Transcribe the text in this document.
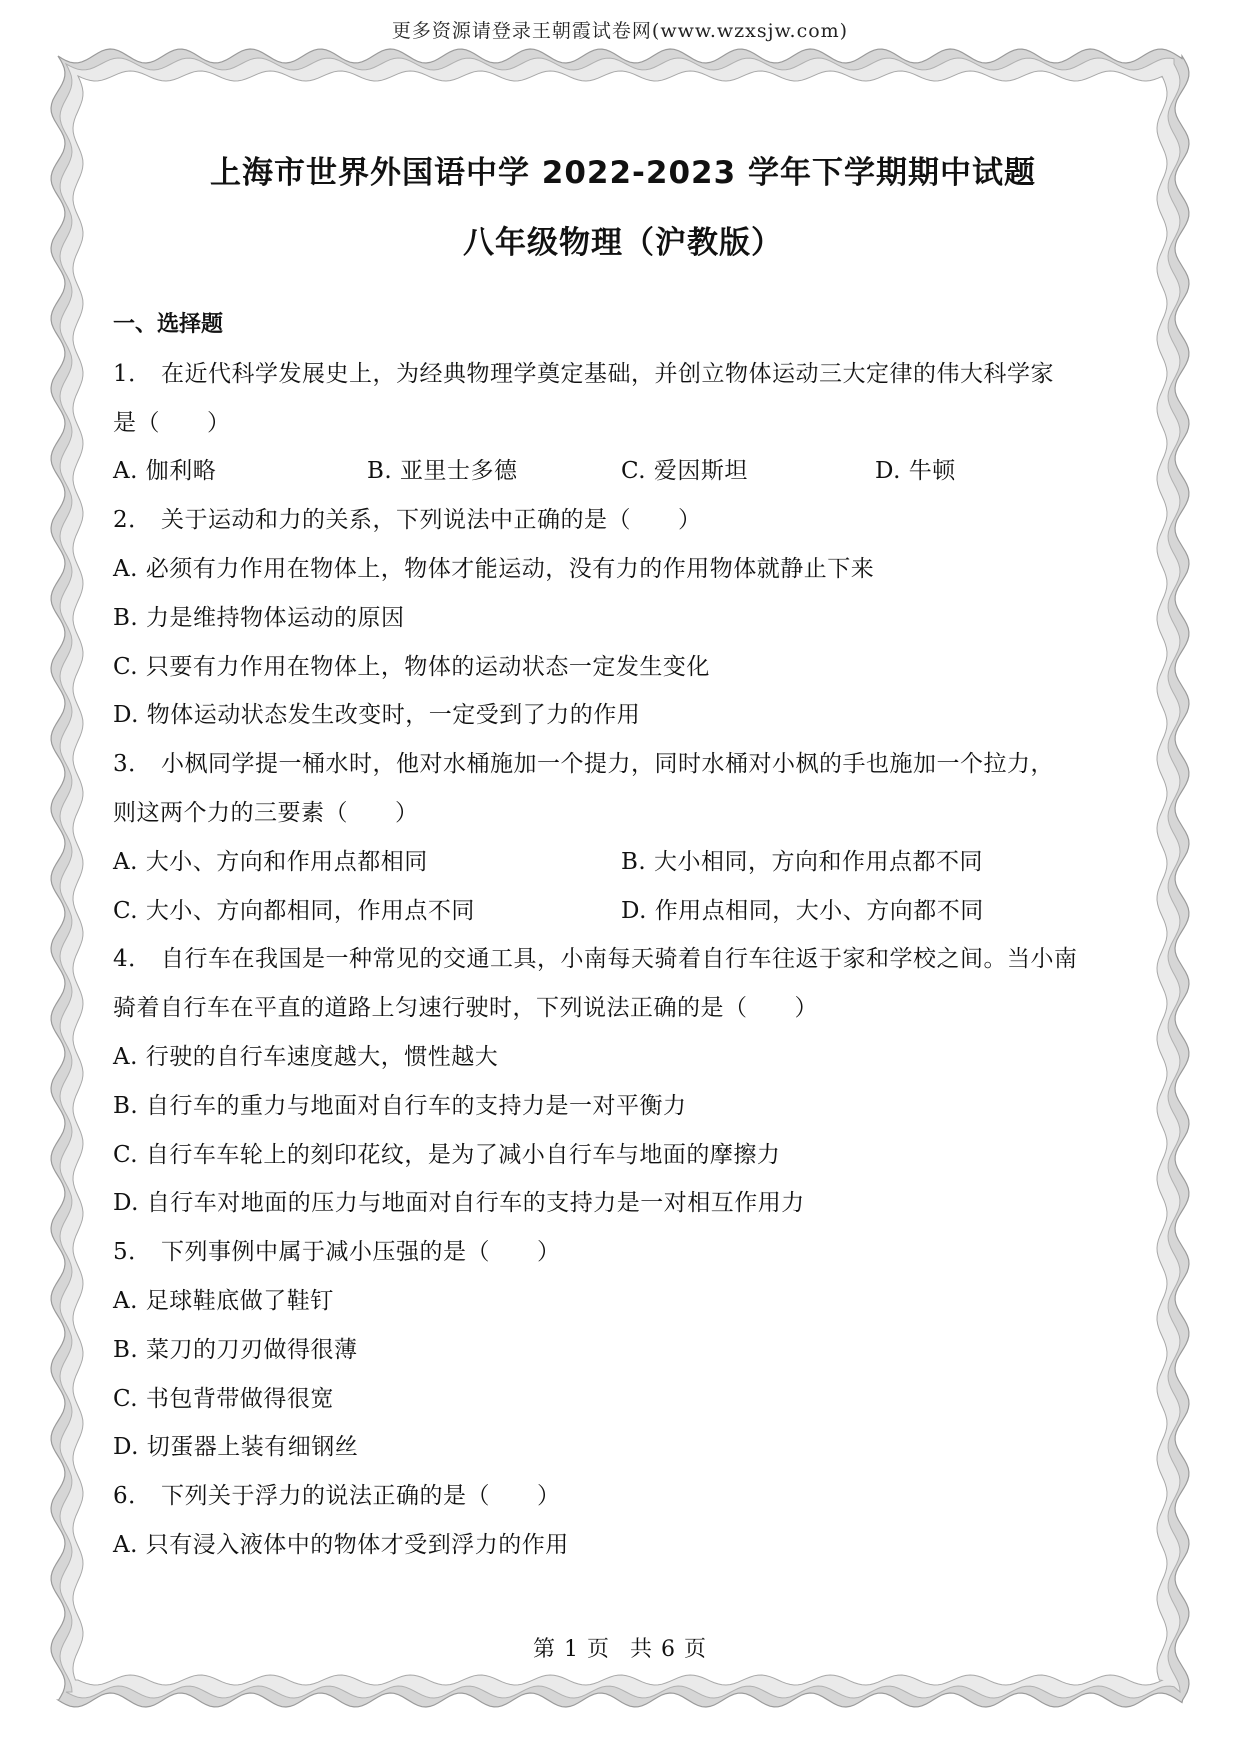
更多资源请登录王朝霞试卷网(www.wzxsjw.com)
上海市世界外国语中学 2022-2023 学年下学期期中试题
八年级物理（沪教版）
一、选择题
1． 在近代科学发展史上，为经典物理学奠定基础，并创立物体运动三大定律的伟大科学家
是（　　）
A. 伽利略	B. 亚里士多德	C. 爱因斯坦	D. 牛顿
2． 关于运动和力的关系，下列说法中正确的是（　　）
A. 必须有力作用在物体上，物体才能运动，没有力的作用物体就静止下来
B. 力是维持物体运动的原因
C. 只要有力作用在物体上，物体的运动状态一定发生变化
D. 物体运动状态发生改变时，一定受到了力的作用
3． 小枫同学提一桶水时，他对水桶施加一个提力，同时水桶对小枫的手也施加一个拉力，
则这两个力的三要素（　　）
A. 大小、方向和作用点都相同	B. 大小相同，方向和作用点都不同
C. 大小、方向都相同，作用点不同	D. 作用点相同，大小、方向都不同
4． 自行车在我国是一种常见的交通工具，小南每天骑着自行车往返于家和学校之间。当小南
骑着自行车在平直的道路上匀速行驶时，下列说法正确的是（　　）
A. 行驶的自行车速度越大，惯性越大
B. 自行车的重力与地面对自行车的支持力是一对平衡力
C. 自行车车轮上的刻印花纹，是为了减小自行车与地面的摩擦力
D. 自行车对地面的压力与地面对自行车的支持力是一对相互作用力
5． 下列事例中属于减小压强的是（　　）
A. 足球鞋底做了鞋钉
B. 菜刀的刀刃做得很薄
C. 书包背带做得很宽
D. 切蛋器上装有细钢丝
6． 下列关于浮力的说法正确的是（　　）
A. 只有浸入液体中的物体才受到浮力的作用
第 1 页 共 6 页
